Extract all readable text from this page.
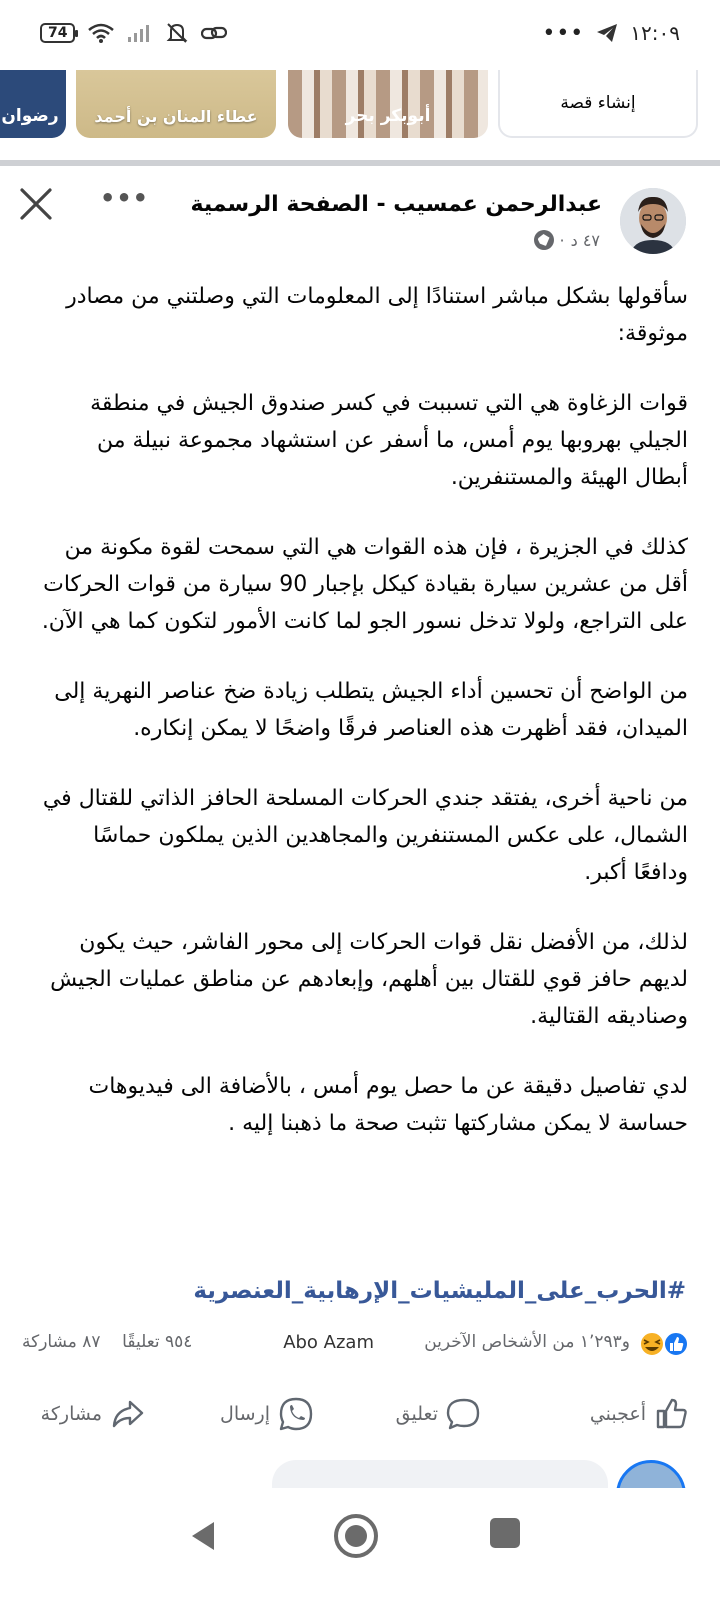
74	••• ١٢:٠٩
إنشاء قصة
أبوبكر بحر
عطاء المنان بن أحمد
رضوان
••• عبدالرحمن عمسيب - الصفحة الرسمية
٤٧ د
·

سأقولها بشكل مباشر استنادًا إلى المعلومات التي وصلتني من مصادر موثوقة:

قوات الزغاوة هي التي تسببت في كسر صندوق الجيش في منطقة الجيلي بهروبها يوم أمس، ما أسفر عن استشهاد مجموعة نبيلة من أبطال الهيئة والمستنفرين.

كذلك في الجزيرة ، فإن هذه القوات هي التي سمحت لقوة مكونة من أقل من عشرين سيارة بقيادة كيكل بإجبار 90 سيارة من قوات الحركات على التراجع، ولولا تدخل نسور الجو لما كانت الأمور لتكون كما هي الآن.

من الواضح أن تحسين أداء الجيش يتطلب زيادة ضخ عناصر النهرية إلى الميدان، فقد أظهرت هذه العناصر فرقًا واضحًا لا يمكن إنكاره.

من ناحية أخرى، يفتقد جندي الحركات المسلحة الحافز الذاتي للقتال في الشمال، على عكس المستنفرين والمجاهدين الذين يملكون حماسًا ودافعًا أكبر.

لذلك، من الأفضل نقل قوات الحركات إلى محور الفاشر، حيث يكون لديهم حافز قوي للقتال بين أهلهم، وإبعادهم عن مناطق عمليات الجيش وصناديقه القتالية.

لدي تفاصيل دقيقة عن ما حصل يوم أمس ، بالأضافة الى فيديوهات حساسة لا يمكن مشاركتها تثبت صحة ما ذهبنا إليه .

#الحرب_على_المليشيات_الإرهابية_العنصرية
و١٬٢٩٣ من الأشخاص الآخرين
Abo Azam
٩٥٤ تعليقًا    ٨٧ مشاركة
أعجبني
تعليق
إرسال
مشاركة
